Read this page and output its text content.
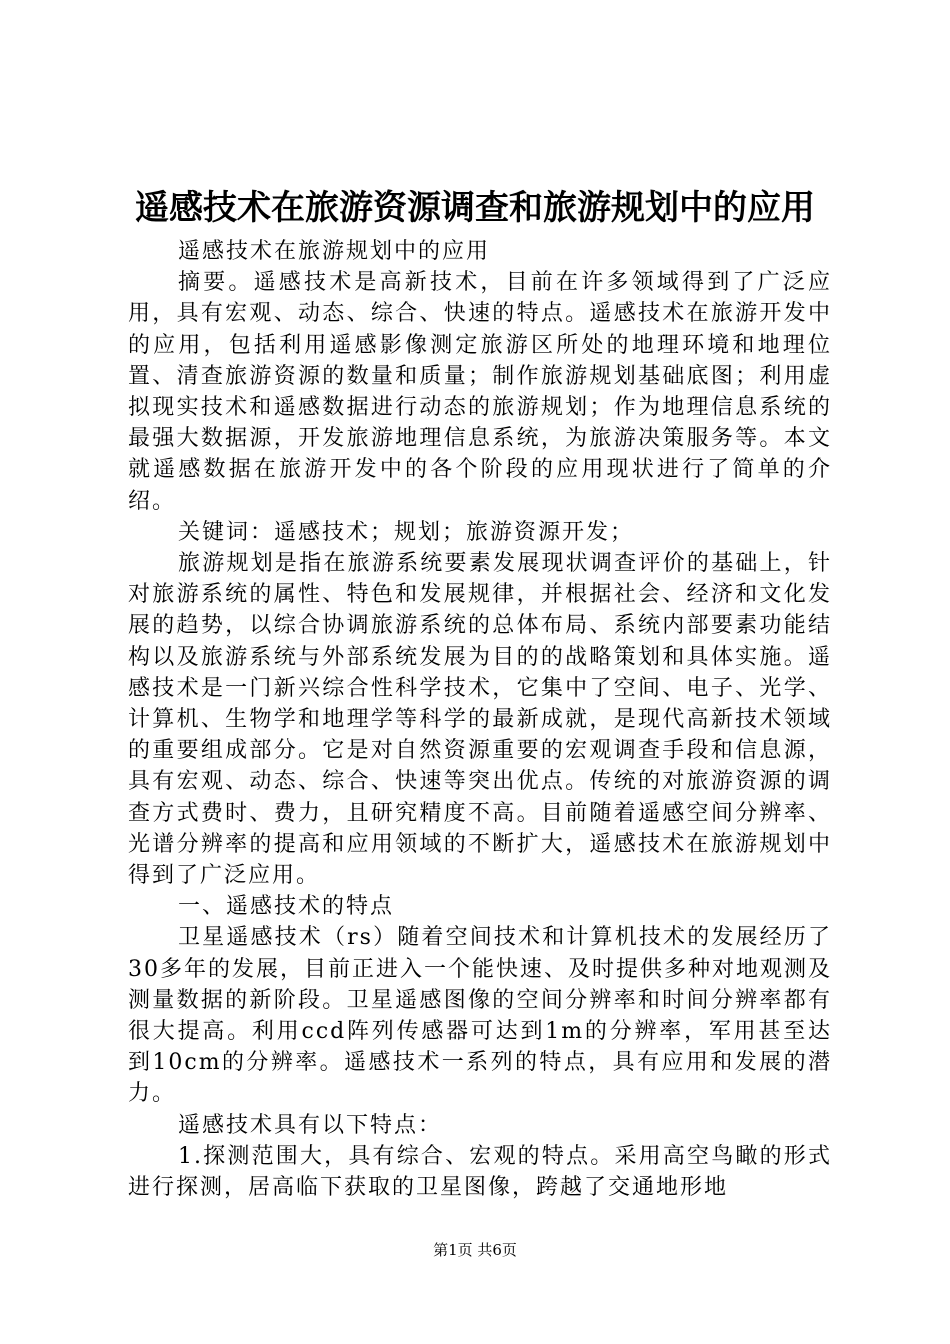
遥感技术在旅游资源调查和旅游规划中的应用

遥感技术在旅游规划中的应用

摘要。遥感技术是高新技术，目前在许多领域得到了广泛应用，具有宏观、动态、综合、快速的特点。遥感技术在旅游开发中的应用，包括利用遥感影像测定旅游区所处的地理环境和地理位置、清查旅游资源的数量和质量；制作旅游规划基础底图；利用虚拟现实技术和遥感数据进行动态的旅游规划；作为地理信息系统的最强大数据源，开发旅游地理信息系统，为旅游决策服务等。本文就遥感数据在旅游开发中的各个阶段的应用现状进行了简单的介绍。

关键词：遥感技术；规划；旅游资源开发；

旅游规划是指在旅游系统要素发展现状调查评价的基础上，针对旅游系统的属性、特色和发展规律，并根据社会、经济和文化发展的趋势，以综合协调旅游系统的总体布局、系统内部要素功能结构以及旅游系统与外部系统发展为目的的战略策划和具体实施。遥感技术是一门新兴综合性科学技术，它集中了空间、电子、光学、计算机、生物学和地理学等科学的最新成就，是现代高新技术领域的重要组成部分。它是对自然资源重要的宏观调查手段和信息源，具有宏观、动态、综合、快速等突出优点。传统的对旅游资源的调查方式费时、费力，且研究精度不高。目前随着遥感空间分辨率、光谱分辨率的提高和应用领域的不断扩大，遥感技术在旅游规划中得到了广泛应用。

一、遥感技术的特点

卫星遥感技术（rs）随着空间技术和计算机技术的发展经历了30多年的发展，目前正进入一个能快速、及时提供多种对地观测及测量数据的新阶段。卫星遥感图像的空间分辨率和时间分辨率都有很大提高。利用ccd阵列传感器可达到1m的分辨率，军用甚至达到10cm的分辨率。遥感技术一系列的特点，具有应用和发展的潜力。

遥感技术具有以下特点：

1.探测范围大，具有综合、宏观的特点。采用高空鸟瞰的形式进行探测，居高临下获取的卫星图像，跨越了交通地形地

第1页 共6页
